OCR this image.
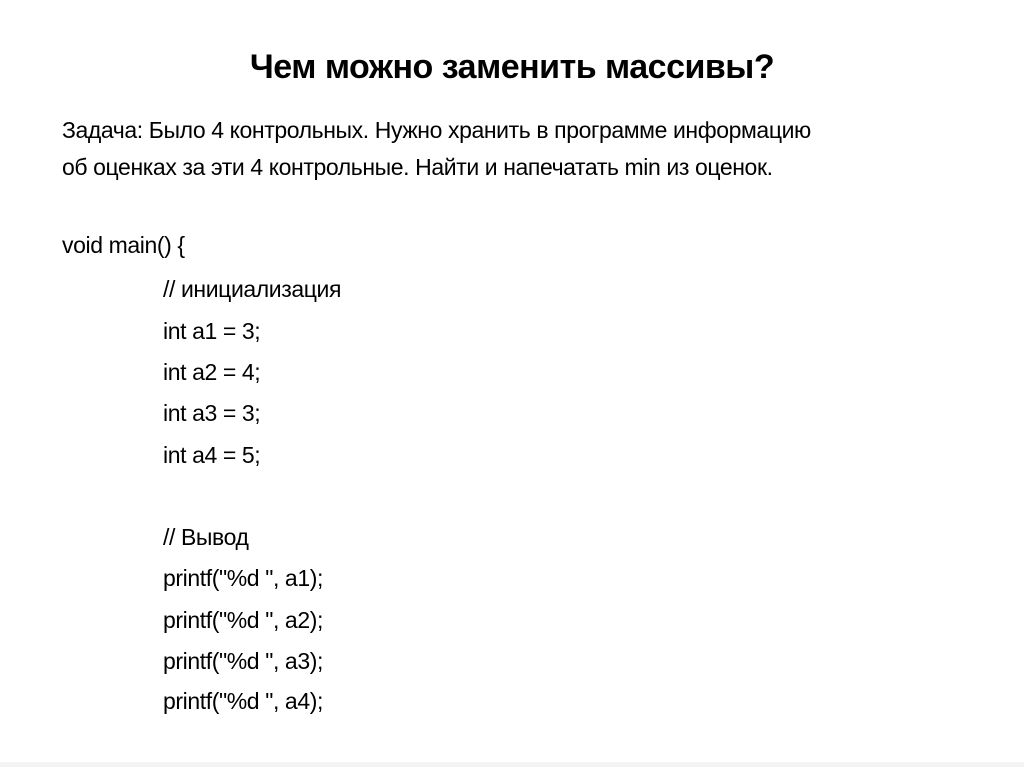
Чем можно заменить массивы?
Задача: Было 4 контрольных. Нужно хранить в программе информацию
об оценках за эти 4 контрольные. Найти и напечатать min из оценок.
void main() {
// инициализация
int a1 = 3;
int a2 = 4;
int a3 = 3;
int a4 = 5;
// Вывод
printf("%d ", a1);
printf("%d ", a2);
printf("%d ", a3);
printf("%d ", a4);
